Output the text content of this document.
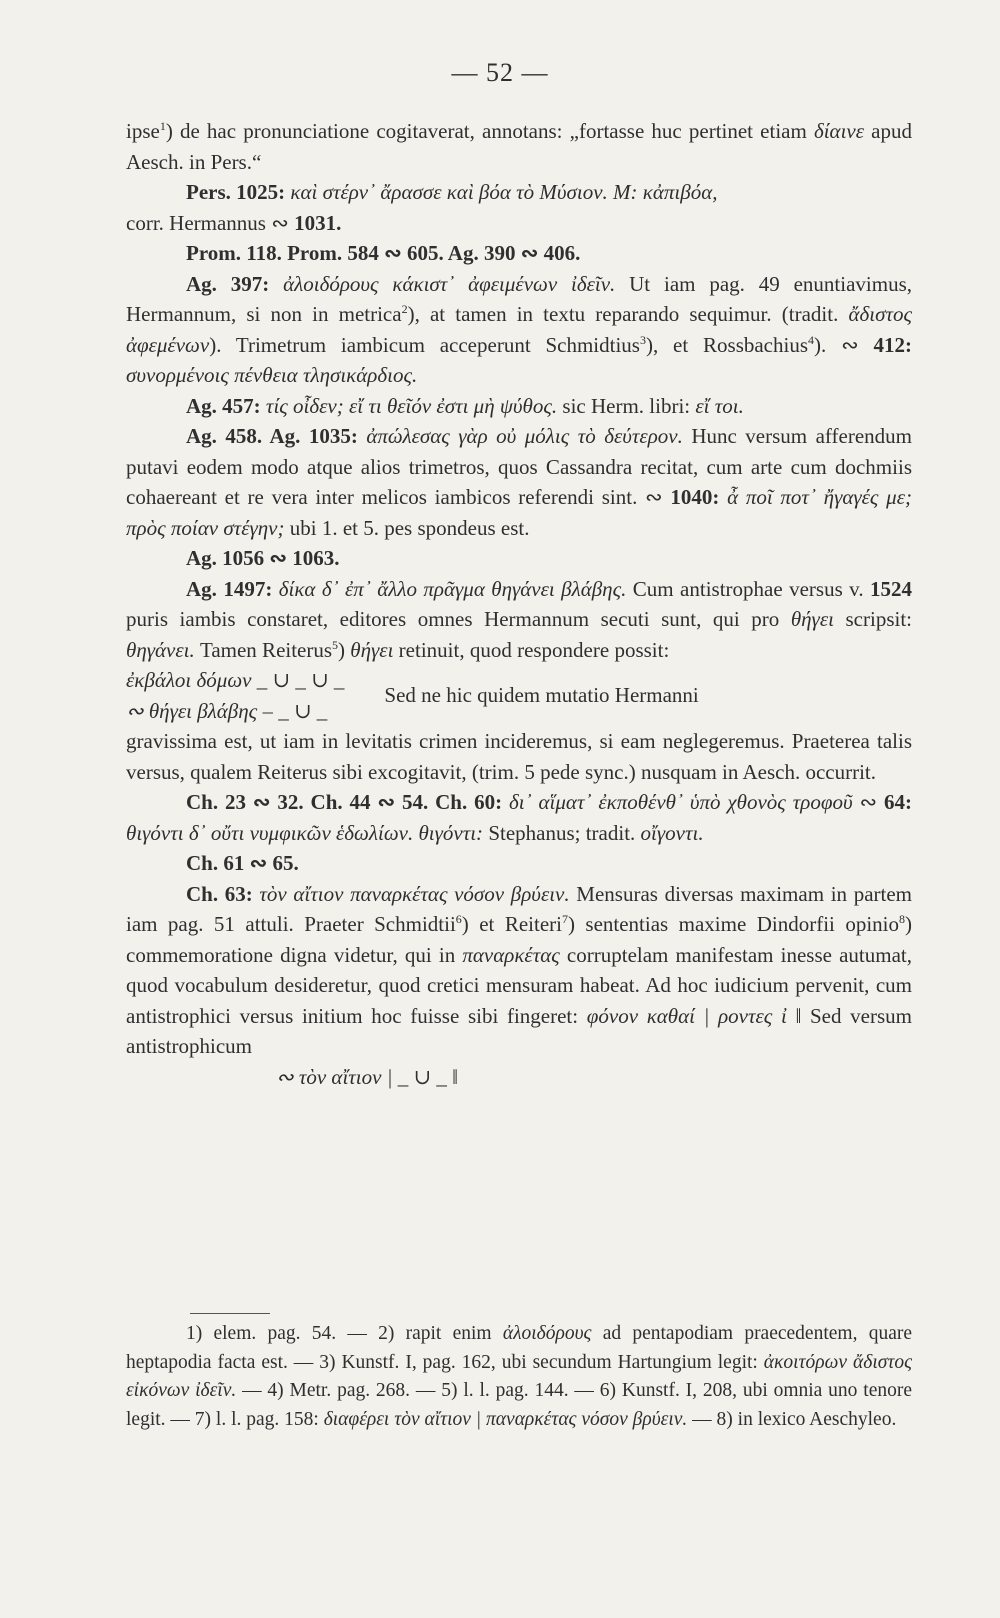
— 52 —

ipse$^1$) de hac pronunciatione cogitaverat, annotans: „fortasse huc pertinet etiam δίαινε apud Aesch. in Pers.“

Pers. 1025: καὶ στέρν᾽ ἄρασσε καὶ βόα τὸ Μύσιον. M: κἀπιβόα,

corr. Hermannus ∾ 1031.

Prom. 118. Prom. 584 ∾ 605. Ag. 390 ∾ 406.

Ag. 397: ἀλοιδόρους κάκιστ᾽ ἀφειμένων ἰδεῖν. Ut iam pag. 49 enuntiavimus, Hermannum, si non in metrica$^2$), at tamen in textu reparando sequimur. (tradit. ἄδιστος ἀφεμένων). Trimetrum iambicum acceperunt Schmidtius$^3$), et Rossbachius$^4$). ∾ 412: συνορμένοις πένθεια τλησικάρδιος.

Ag. 457: τίς οἶδεν; εἴ τι θεῖόν ἐστι μὴ ψύθος. sic Herm. libri: εἴ τοι.

Ag. 458. Ag. 1035: ἀπώλεσας γὰρ οὐ μόλις τὸ δεύτερον. Hunc versum afferendum putavi eodem modo atque alios trimetros, quos Cassandra recitat, cum arte cum dochmiis cohaereant et re vera inter melicos iambicos referendi sint. ∾ 1040: ἆ ποῖ ποτ᾽ ἤγαγές με; πρὸς ποίαν στέγην; ubi 1. et 5. pes spondeus est.

Ag. 1056 ∾ 1063.

Ag. 1497: δίκα δ᾽ ἐπ᾽ ἄλλο πρᾶγμα θηγάνει βλάβης. Cum antistrophae versus v. 1524 puris iambis constaret, editores omnes Hermannum secuti sunt, qui pro θήγει scripsit: θηγάνει. Tamen Reiterus$^5$) θήγει retinuit, quod respondere possit:

ἐκβάλοι δόμων _ ∪ _ ∪ _
∾ θήγει βλάβης ⎯ _ ∪ _
Sed ne hic quidem mutatio Hermanni

gravissima est, ut iam in levitatis crimen incideremus, si eam neglegeremus. Praeterea talis versus, qualem Reiterus sibi excogitavit, (trim. 5 pede sync.) nusquam in Aesch. occurrit.

Ch. 23 ∾ 32. Ch. 44 ∾ 54. Ch. 60: δι᾽ αἵματ᾽ ἐκποθένθ᾽ ὑπὸ χθονὸς τροφοῦ ∾ 64: θιγόντι δ᾽ οὔτι νυμφικῶν ἑδωλίων. θιγόντι: Stephanus; tradit. οἴγοντι.

Ch. 61 ∾ 65.

Ch. 63: τὸν αἴτιον παναρκέτας νόσον βρύειν. Mensuras diversas maximam in partem iam pag. 51 attuli. Praeter Schmidtii$^6$) et Reiteri$^7$) sententias maxime Dindorfii opinio$^8$) commemoratione digna videtur, qui in παναρκέτας corruptelam manifestam inesse autumat, quod vocabulum desideretur, quod cretici mensuram habeat. Ad hoc iudicium pervenit, cum antistrophici versus initium hoc fuisse sibi fingeret: φόνον καθαί | ροντες ἰ ‖ Sed versum antistrophicum

∾ τὸν αἴτιον | _ ∪ _ ‖

1) elem. pag. 54. — 2) rapit enim ἀλοιδόρους ad pentapodiam praecedentem, quare heptapodia facta est. — 3) Kunstf. I, pag. 162, ubi secundum Hartungium legit: ἀκοιτόρων ἄδιστος εἰκόνων ἰδεῖν. — 4) Metr. pag. 268. — 5) l. l. pag. 144. — 6) Kunstf. I, 208, ubi omnia uno tenore legit. — 7) l. l. pag. 158: διαφέρει τὸν αἴτιον | παναρκέτας νόσον βρύειν. — 8) in lexico Aeschyleo.
